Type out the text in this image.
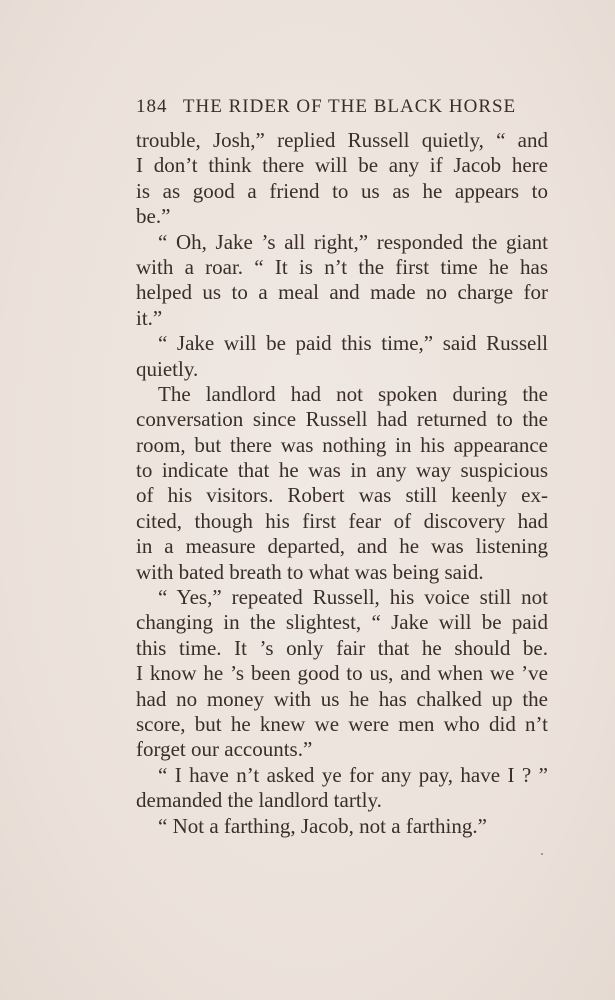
184 THE RIDER OF THE BLACK HORSE
trouble, Josh,” replied Russell quietly, “ and
I don’t think there will be any if Jacob here
is as good a friend to us as he appears to
be.”
“ Oh, Jake ’s all right,” responded the giant
with a roar. “ It is n’t the first time he has
helped us to a meal and made no charge for
it.”
“ Jake will be paid this time,” said Russell
quietly.
The landlord had not spoken during the
conversation since Russell had returned to the
room, but there was nothing in his appearance
to indicate that he was in any way suspicious
of his visitors. Robert was still keenly ex-
cited, though his first fear of discovery had
in a measure departed, and he was listening
with bated breath to what was being said.
“ Yes,” repeated Russell, his voice still not
changing in the slightest, “ Jake will be paid
this time. It ’s only fair that he should be.
I know he ’s been good to us, and when we ’ve
had no money with us he has chalked up the
score, but he knew we were men who did n’t
forget our accounts.”
“ I have n’t asked ye for any pay, have I ? ”
demanded the landlord tartly.
“ Not a farthing, Jacob, not a farthing.”
